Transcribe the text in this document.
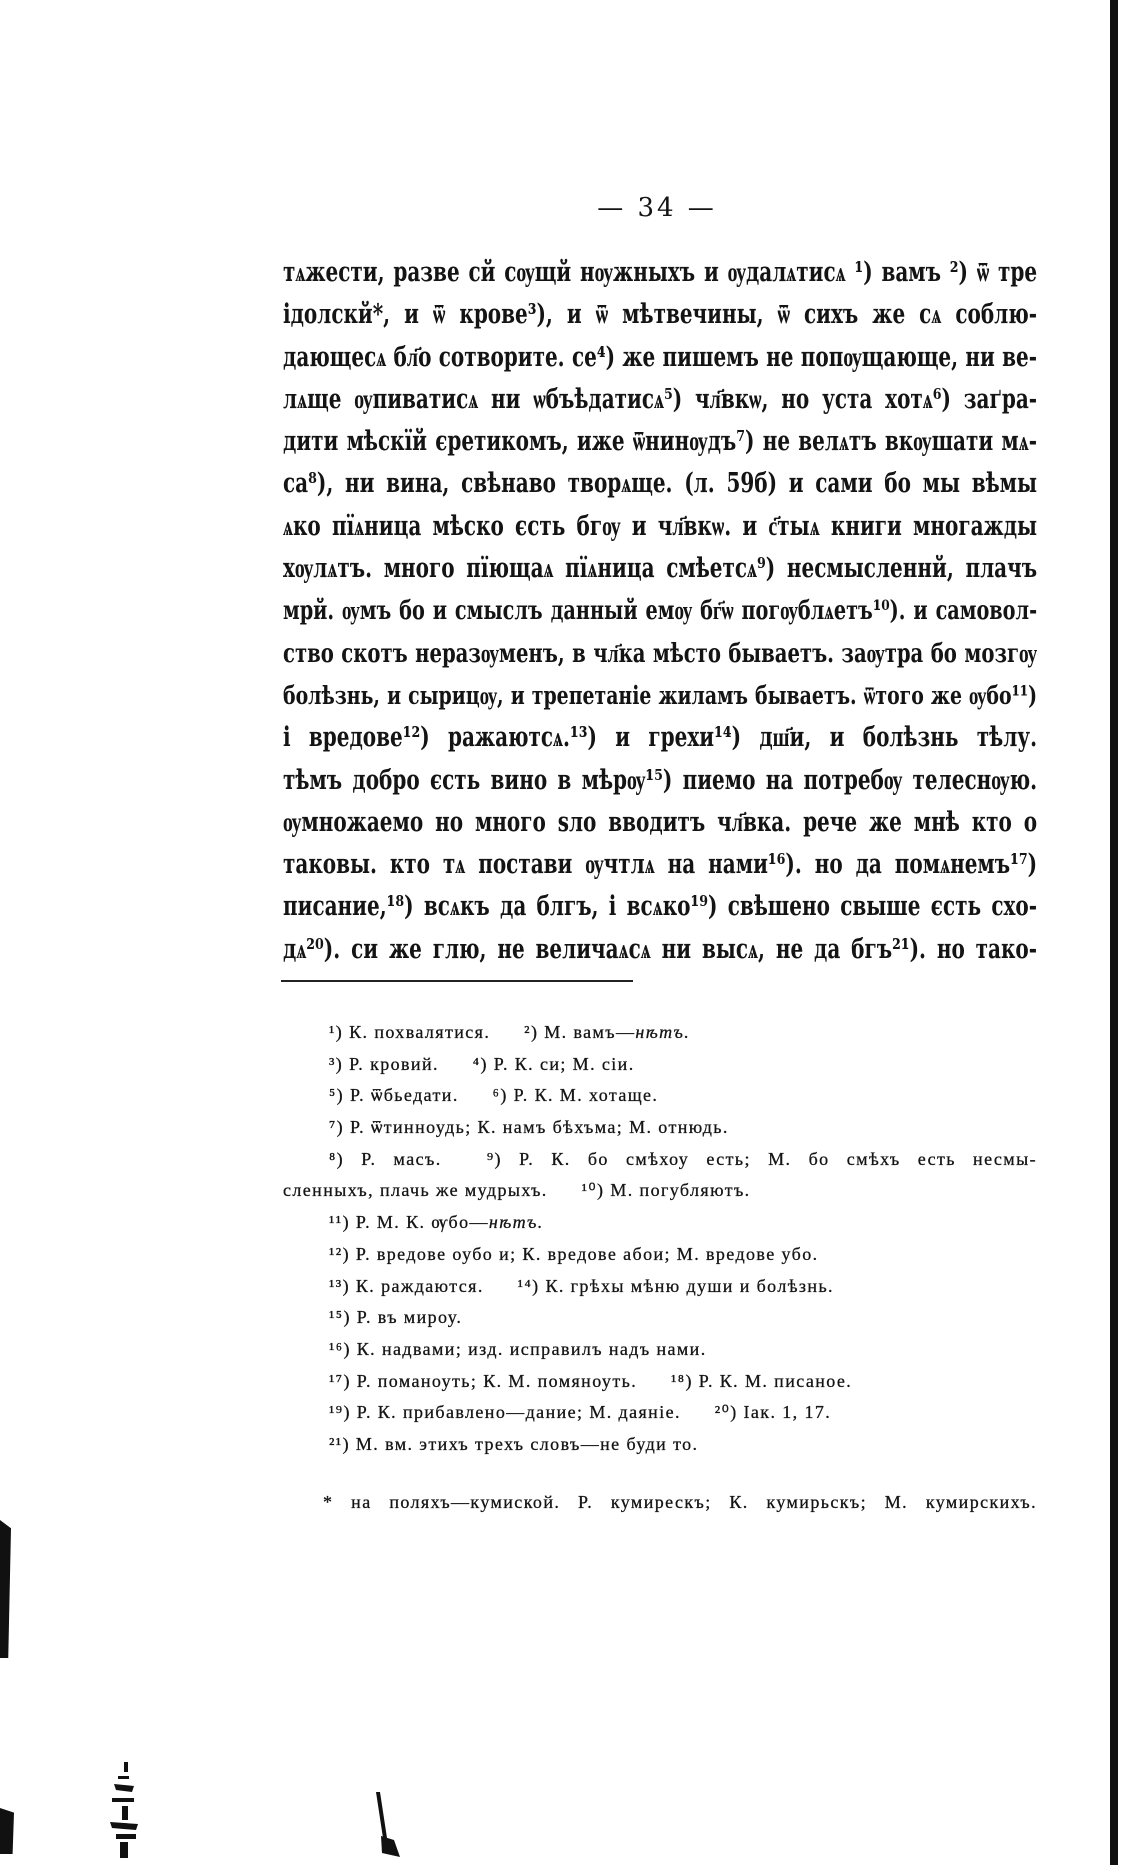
— 34 —
тѧжести, разве сй сѹщй нѹжныхъ и ѹдалѧтисѧ ¹) вамъ ²) ѿ тре
ідолскй*, и ѿ крове³), и ѿ мѣтвечины, ѿ сихъ же сѧ соблю-
дающесѧ бл҃о сотворите. се⁴) же пишемъ не попѹщающе, ни ве-
лѧще ѹпиватисѧ ни ѡбъѣдатисѧ⁵) чл҃вкѡ, но уста хотѧ⁶) заґра-
дити мѣскїй єретикомъ, иже ѿнинѹдъ⁷) не велѧтъ вкѹшати мѧ-
са⁸), ни вина, свѣнаво творѧще. (л. 59б) и сами бо мы вѣмы
ѧко пїѧница мѣско єсть бгѹ и чл҃вкѡ. и с҃тыѧ книги многажды
хѹлѧтъ. много пїющаѧ пїѧница смѣетсѧ⁹) несмысленнй, плачъ
мрй. ѹмъ бо и смыслъ данный емѹ бг҃ѡ погѹблѧетъ¹⁰). и самовол-
ство скотъ неразѹменъ, в чл҃ка мѣсто бываетъ. заѹтра бо мозгѹ
болѣзнь, и сырицѹ, и трепетаніе жиламъ бываетъ. ѿтого же ѹбо¹¹)
і вредове¹²) ражаютсѧ.¹³) и грехи¹⁴) дш҃и, и болѣзнь тѣлу.
тѣмъ добро єсть вино в мѣрѹ¹⁵) пиемо на потребѹ телеснѹю.
ѹмножаемо но много ѕло вводитъ чл҃вка. рече же мнѣ кто о
таковы. кто тѧ постави ѹчтлѧ на нами¹⁶). но да помѧнемъ¹⁷)
писание,¹⁸) всѧкъ да блгъ, і всѧко¹⁹) свѣшено свыше єсть схо-
дѧ²⁰). си же глю, не величаѧсѧ ни высѧ, не да бгъ²¹). но тако-
¹) К. похвалятися. ²) М. вамъ—нѣтъ.
³) Р. кровий. ⁴) Р. К. си; М. сіи.
⁵) Р. ѿбьедати. ⁶) Р. К. М. хотаще.
⁷) Р. ѿтинноудь; К. намъ бѣхъма; М. отнюдь.
⁸) Р. масъ.	⁹) Р. К. бо смѣхоу есть; М. бо смѣхъ есть несмы-
сленныхъ, плачь же мудрыхъ. ¹⁰) М. погубляютъ.
¹¹) Р. М. К. ѹбо—нѣтъ.
¹²) Р. вредове оубо и; К. вредове абои; М. вредове убо.
¹³) К. раждаются. ¹⁴) К. грѣхы мѣню души и болѣзнь.
¹⁵) Р. въ мироу.
¹⁶) К. надвами; изд. исправилъ надъ нами.
¹⁷) Р. поманоуть; К. М. помяноуть. ¹⁸) Р. К. М. писаное.
¹⁹) Р. К. прибавлено—дание; М. даяніе. ²⁰) Іак. 1, 17.
²¹) М. вм. этихъ трехъ словъ—не буди то.
* на поляхъ—кумиской. Р. кумирескъ; К. кумирьскъ; М. кумирскихъ.
